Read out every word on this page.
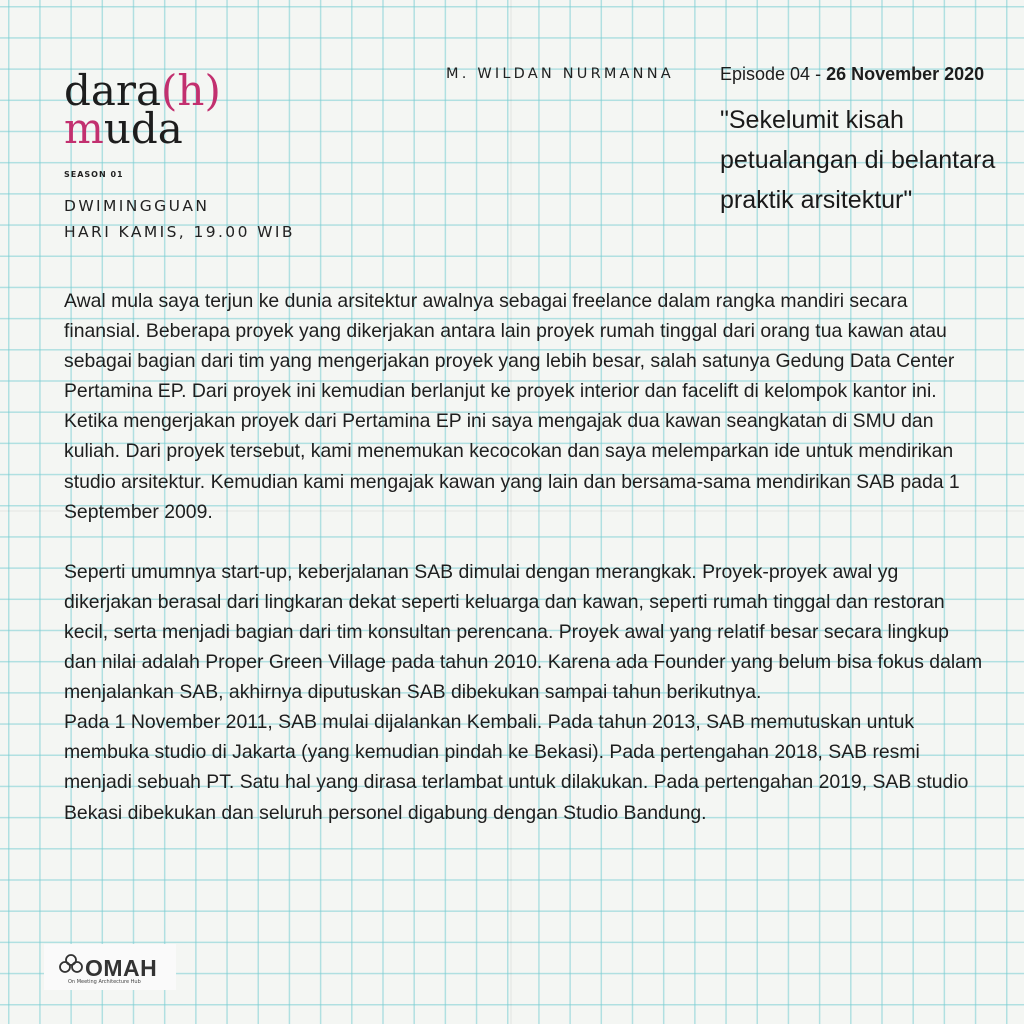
dara(h)
muda
SEASON 01
DWIMINGGUAN
HARI KAMIS, 19.00 WIB
M. WILDAN NURMANNA	Episode 04 - 26 November 2020
"Sekelumit kisah petualangan di belantara praktik arsitektur"

Awal mula saya terjun ke dunia arsitektur awalnya sebagai freelance dalam rangka mandiri secara finansial. Beberapa proyek yang dikerjakan antara lain proyek rumah tinggal dari orang tua kawan atau sebagai bagian dari tim yang mengerjakan proyek yang lebih besar, salah satunya Gedung Data Center Pertamina EP. Dari proyek ini kemudian berlanjut ke proyek interior dan facelift di kelompok kantor ini. Ketika mengerjakan proyek dari Pertamina EP ini saya mengajak dua kawan seangkatan di SMU dan kuliah. Dari proyek tersebut, kami menemukan kecocokan dan saya melemparkan ide untuk mendirikan studio arsitektur. Kemudian kami mengajak kawan yang lain dan bersama-sama mendirikan SAB pada 1 September 2009.

Seperti umumnya start-up, keberjalanan SAB dimulai dengan merangkak. Proyek-proyek awal yg dikerjakan berasal dari lingkaran dekat seperti keluarga dan kawan, seperti rumah tinggal dan restoran kecil, serta menjadi bagian dari tim konsultan perencana. Proyek awal yang relatif besar secara lingkup dan nilai adalah Proper Green Village pada tahun 2010. Karena ada Founder yang belum bisa fokus dalam menjalankan SAB, akhirnya diputuskan SAB dibekukan sampai tahun berikutnya.
Pada 1 November 2011, SAB mulai dijalankan Kembali. Pada tahun 2013, SAB memutuskan untuk membuka studio di Jakarta (yang kemudian pindah ke Bekasi). Pada pertengahan 2018, SAB resmi menjadi sebuah PT. Satu hal yang dirasa terlambat untuk dilakukan. Pada pertengahan 2019, SAB studio Bekasi dibekukan dan seluruh personel digabung dengan Studio Bandung.
OMAH
On Meeting Architecture Hub
